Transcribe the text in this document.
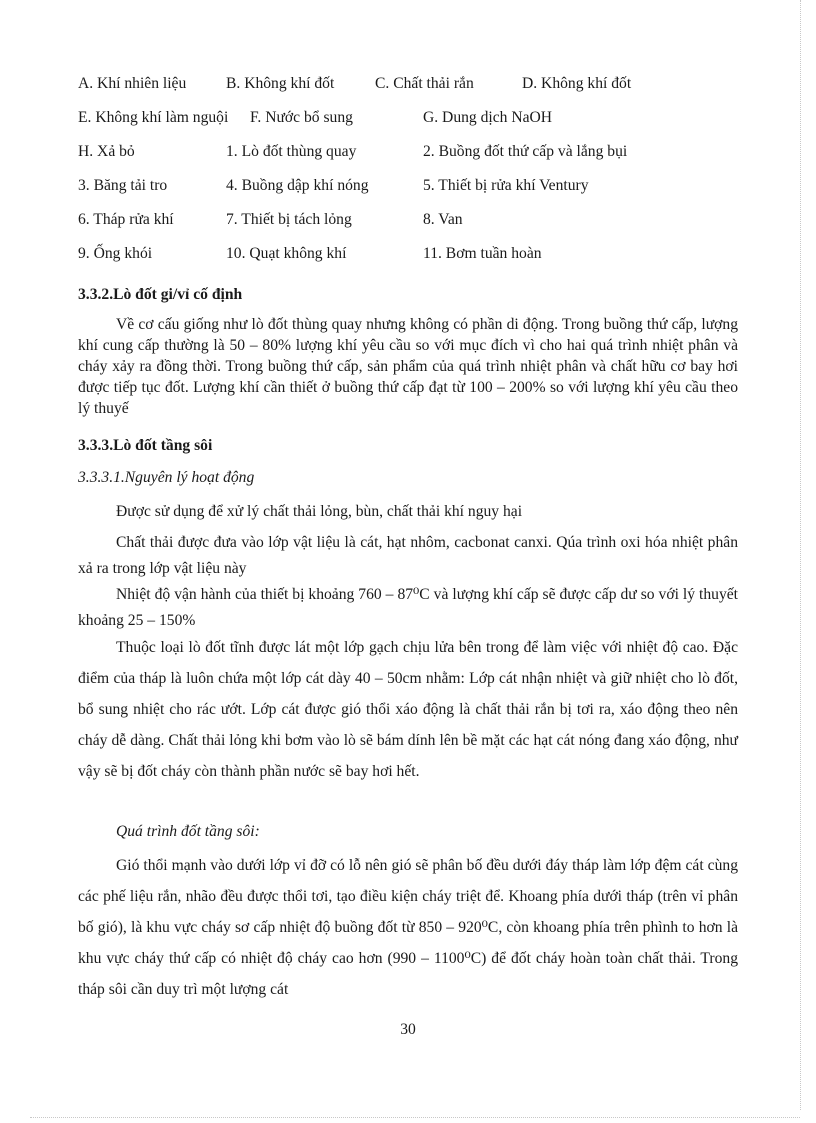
A. Khí nhiên liệu	B. Không khí đốt	C. Chất thải rắn	D. Không khí đốt
E. Không khí làm nguội F. Nước bổ sung	G. Dung dịch NaOH
H. Xả bỏ	1. Lò đốt thùng quay	2. Buồng đốt thứ cấp và lắng bụi
3. Băng tải tro	4. Buồng dập khí nóng	5. Thiết bị rửa khí Ventury
6. Tháp rửa khí	7. Thiết bị tách lỏng	8. Van
9. Ống khói	10. Quạt không khí	11. Bơm tuần hoàn
3.3.2.Lò đốt gi/vỉ cố định

Về cơ cấu giống như lò đốt thùng quay nhưng không có phần di động. Trong buồng thứ cấp, lượng khí cung cấp thường là 50 – 80% lượng khí yêu cầu so với mục đích vì cho hai quá trình nhiệt phân và cháy xảy ra đồng thời. Trong buồng thứ cấp, sản phẩm của quá trình nhiệt phân và chất hữu cơ bay hơi được tiếp tục đốt. Lượng khí cần thiết ở buồng thứ cấp đạt từ 100 – 200% so với lượng khí yêu cầu theo lý thuyế

3.3.3.Lò đốt tầng sôi
3.3.3.1.Nguyên lý hoạt động

Được sử dụng để xử lý chất thải lỏng, bùn, chất thải khí nguy hại

Chất thải được đưa vào lớp vật liệu là cát, hạt nhôm, cacbonat canxi. Qúa trình oxi hóa nhiệt phân xả ra trong lớp vật liệu này

Nhiệt độ vận hành của thiết bị khoảng 760 – 87⁰C và lượng khí cấp sẽ được cấp dư so với lý thuyết khoảng 25 – 150%

Thuộc loại lò đốt tĩnh được lát một lớp gạch chịu lửa bên trong để làm việc với nhiệt độ cao. Đặc điểm của tháp là luôn chứa một lớp cát dày 40 – 50cm nhằm: Lớp cát nhận nhiệt và giữ nhiệt cho lò đốt, bổ sung nhiệt cho rác ướt. Lớp cát được gió thổi xáo động là chất thải rắn bị tơi ra, xáo động theo nên cháy dễ dàng. Chất thải lỏng khi bơm vào lò sẽ bám dính lên bề mặt các hạt cát nóng đang xáo động, như vậy sẽ bị đốt cháy còn thành phần nước sẽ bay hơi hết.

Quá trình đốt tầng sôi:

Gió thổi mạnh vào dưới lớp vỉ đỡ có lỗ nên gió sẽ phân bố đều dưới đáy tháp làm lớp đệm cát cùng các phế liệu rắn, nhão đều được thổi tơi, tạo điều kiện cháy triệt để. Khoang phía dưới tháp (trên vỉ phân bố gió), là khu vực cháy sơ cấp nhiệt độ buồng đốt từ 850 – 920⁰C, còn khoang phía trên phình to hơn là khu vực cháy thứ cấp có nhiệt độ cháy cao hơn (990 – 1100⁰C) để đốt cháy hoàn toàn chất thải. Trong tháp sôi cần duy trì một lượng cát

30
